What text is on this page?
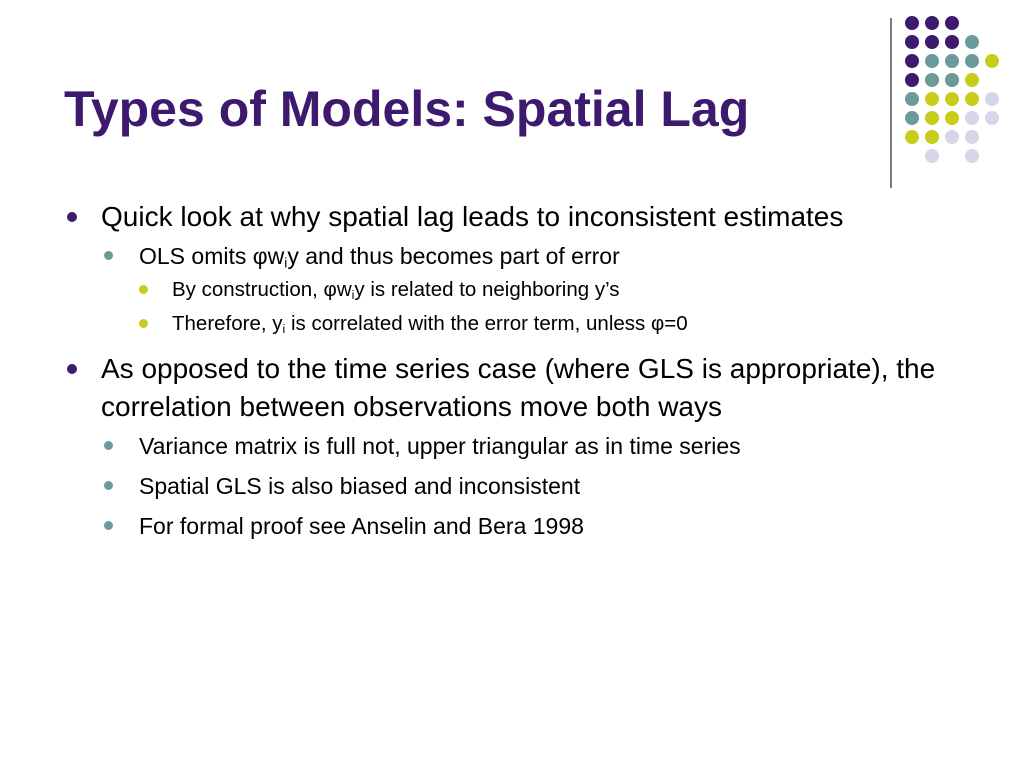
Types of Models: Spatial Lag
Quick look at why spatial lag leads to inconsistent estimates
OLS omits $\varphi w_iy$ and thus becomes part of error
By construction, $\varphi w_iy$ is related to neighboring y’s
Therefore, $y_i$ is correlated with the error term, unless φ=0
As opposed to the time series case (where GLS is appropriate), the correlation between observations move both ways
Variance matrix is full not, upper triangular as in time series
Spatial GLS is also biased and inconsistent
For formal proof see Anselin and Bera 1998
